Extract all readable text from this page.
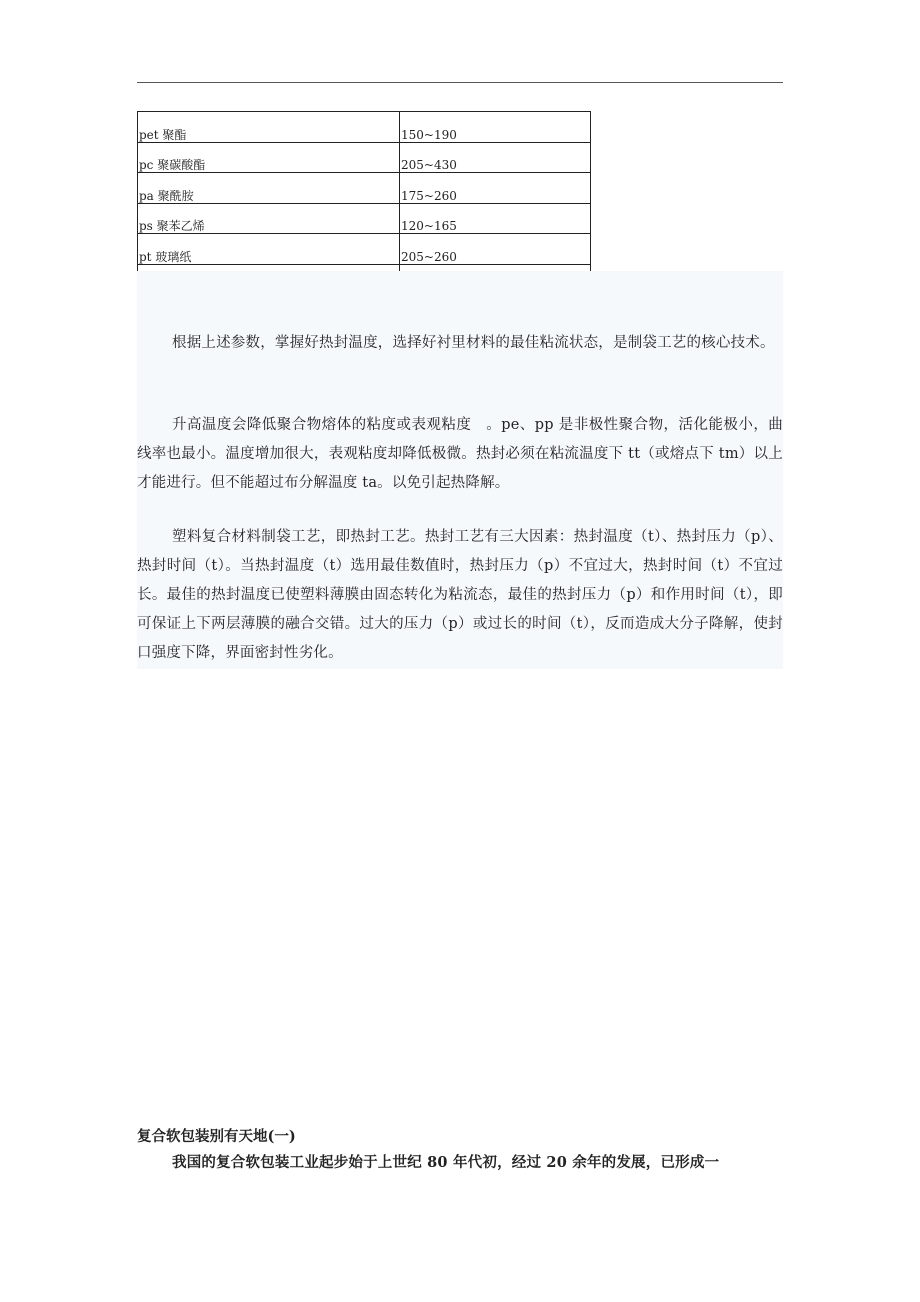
pet 聚酯	150~190
pc 聚碳酸酯	205~430
pa 聚酰胺	175~260
ps 聚苯乙烯	120~165
pt 玻璃纸	205~260

根据上述参数，掌握好热封温度，选择好衬里材料的最佳粘流状态，是制袋工艺的核心技术。

升高温度会降低聚合物熔体的粘度或表观粘度　。pe、pp 是非极性聚合物，活化能极小，曲线率也最小。温度增加很大，表观粘度却降低极微。热封必须在粘流温度下 tt（或熔点下 tm）以上才能进行。但不能超过布分解温度 ta。以免引起热降解。

塑料复合材料制袋工艺，即热封工艺。热封工艺有三大因素：热封温度（t）、热封压力（p）、热封时间（t）。当热封温度（t）选用最佳数值时，热封压力（p）不宜过大，热封时间（t）不宜过长。最佳的热封温度已使塑料薄膜由固态转化为粘流态，最佳的热封压力（p）和作用时间（t），即可保证上下两层薄膜的融合交错。过大的压力（p）或过长的时间（t），反而造成大分子降解，使封口强度下降，界面密封性劣化。

复合软包装别有天地(一)

我国的复合软包装工业起步始于上世纪 80 年代初，经过 20 余年的发展，已形成一
